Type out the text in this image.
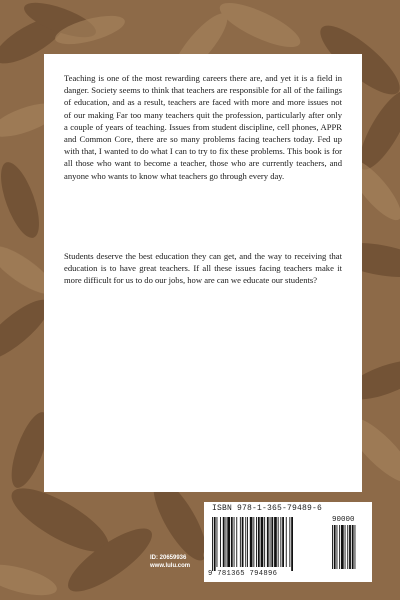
Teaching is one of the most rewarding careers there are, and yet it is a field in danger. Society seems to think that teachers are responsible for all of the failings of education, and as a result, teachers are faced with more and more issues not of our making Far too many teachers quit the profession, particularly after only a couple of years of teaching. Issues from student discipline, cell phones, APPR and Common Core, there are so many problems facing teachers today. Fed up with that, I wanted to do what I can to try to fix these problems. This book is for all those who want to become a teacher, those who are currently teachers, and anyone who wants to know what teachers go through every day.

Students deserve the best education they can get, and the way to receiving that education is to have great teachers. If all these issues facing teachers make it more difficult for us to do our jobs, how are can we educate our students?

ID: 20659936
www.lulu.com
ISBN 978-1-365-79489-6
90000
9 781365 794896
